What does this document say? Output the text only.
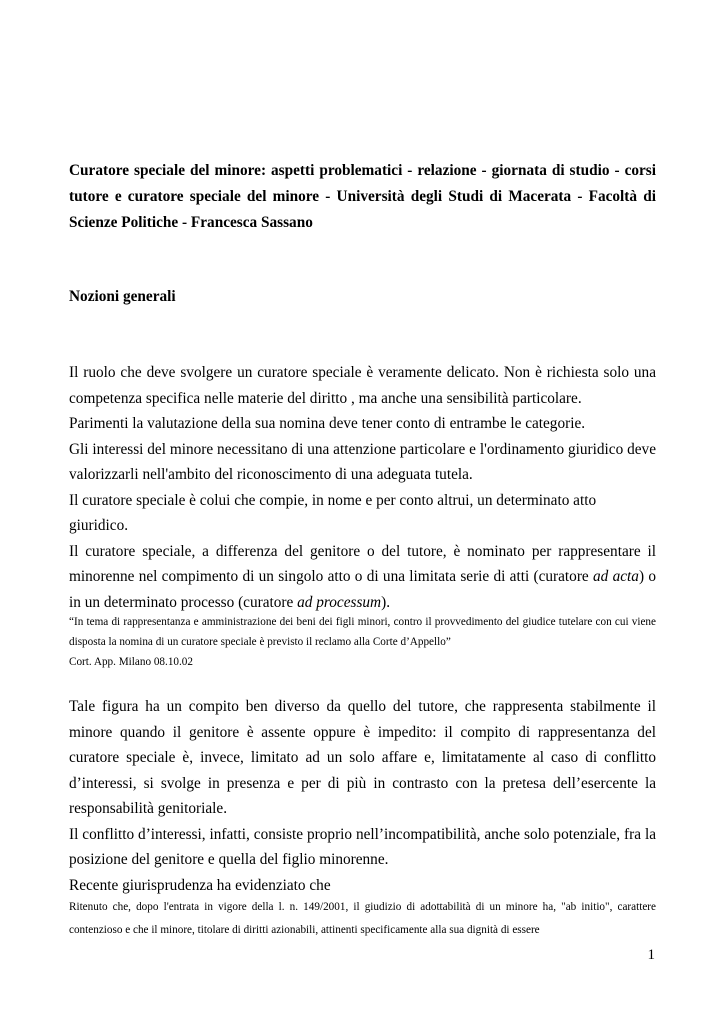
Curatore speciale del minore: aspetti problematici - relazione - giornata di studio - corsi tutore e curatore speciale del minore - Università degli Studi di Macerata - Facoltà di Scienze Politiche - Francesca Sassano
Nozioni generali

Il ruolo che deve svolgere un curatore speciale è veramente delicato. Non è richiesta solo una competenza specifica nelle materie del diritto , ma anche una sensibilità particolare.

Parimenti la valutazione della sua nomina deve tener conto di entrambe le categorie.

Gli interessi del minore necessitano di una attenzione particolare e l'ordinamento giuridico deve valorizzarli nell'ambito del riconoscimento di una adeguata tutela.

Il curatore speciale è colui che compie, in nome e per conto altrui, un determinato atto giuridico.

Il curatore speciale, a differenza del genitore o del tutore, è nominato per rappresentare il minorenne nel compimento di un singolo atto o di una limitata serie di atti (curatore ad acta) o in un determinato processo (curatore ad processum).

“In tema di rappresentanza e amministrazione dei beni dei figli minori, contro il provvedimento del giudice tutelare con cui viene disposta la nomina di un curatore speciale è previsto il reclamo alla Corte d’Appello”
Cort. App. Milano 08.10.02

Tale figura ha un compito ben diverso da quello del tutore, che rappresenta stabilmente il minore quando il genitore è assente oppure è impedito: il compito di rappresentanza del curatore speciale è, invece, limitato ad un solo affare e, limitatamente al caso di conflitto d’interessi, si svolge in presenza e per di più in contrasto con la pretesa dell’esercente la responsabilità genitoriale.

Il conflitto d’interessi, infatti, consiste proprio nell’incompatibilità, anche solo potenziale, fra la posizione del genitore e quella del figlio minorenne.

Recente giurisprudenza ha evidenziato che

Ritenuto che, dopo l'entrata in vigore della l. n. 149/2001, il giudizio di adottabilità di un minore ha, "ab initio", carattere contenzioso e che il minore, titolare di diritti azionabili, attinenti specificamente alla sua dignità di essere
1
